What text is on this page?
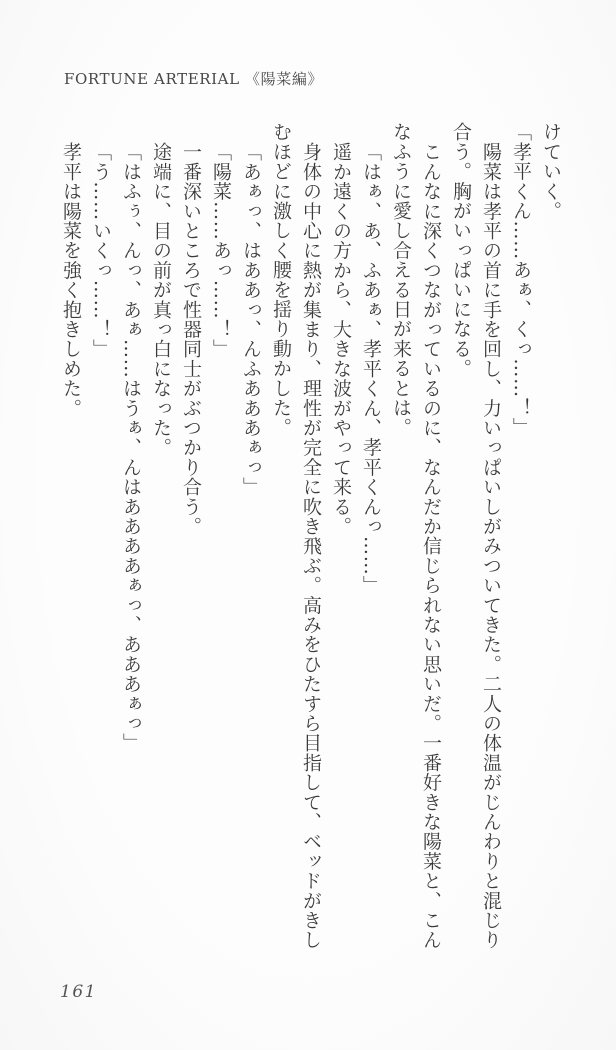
FORTUNE ARTERIAL 《陽菜編》

けていく。

「孝平くん……あぁ、くっ……！」

陽菜は孝平の首に手を回し、力いっぱいしがみついてきた。二人の体温がじんわりと混じり

合う。胸がいっぱいになる。

こんなに深くつながっているのに、なんだか信じられない思いだ。一番好きな陽菜と、こん

なふうに愛し合える日が来るとは。

「はぁ、あ、ふあぁ、孝平くん、孝平くんっ……」

遥か遠くの方から、大きな波がやって来る。

身体の中心に熱が集まり、理性が完全に吹き飛ぶ。高みをひたすら目指して、ベッドがきし

むほどに激しく腰を揺り動かした。

「あぁっ、はああっ、んふあああぁっ」

「陽菜……あっ……！」

一番深いところで性器同士がぶつかり合う。

途端に、目の前が真っ白になった。

「はふぅ、んっ、あぁ……はうぁ、んはああああぁっ、あああぁっ」

「う……いくっ……！」

孝平は陽菜を強く抱きしめた。

161
